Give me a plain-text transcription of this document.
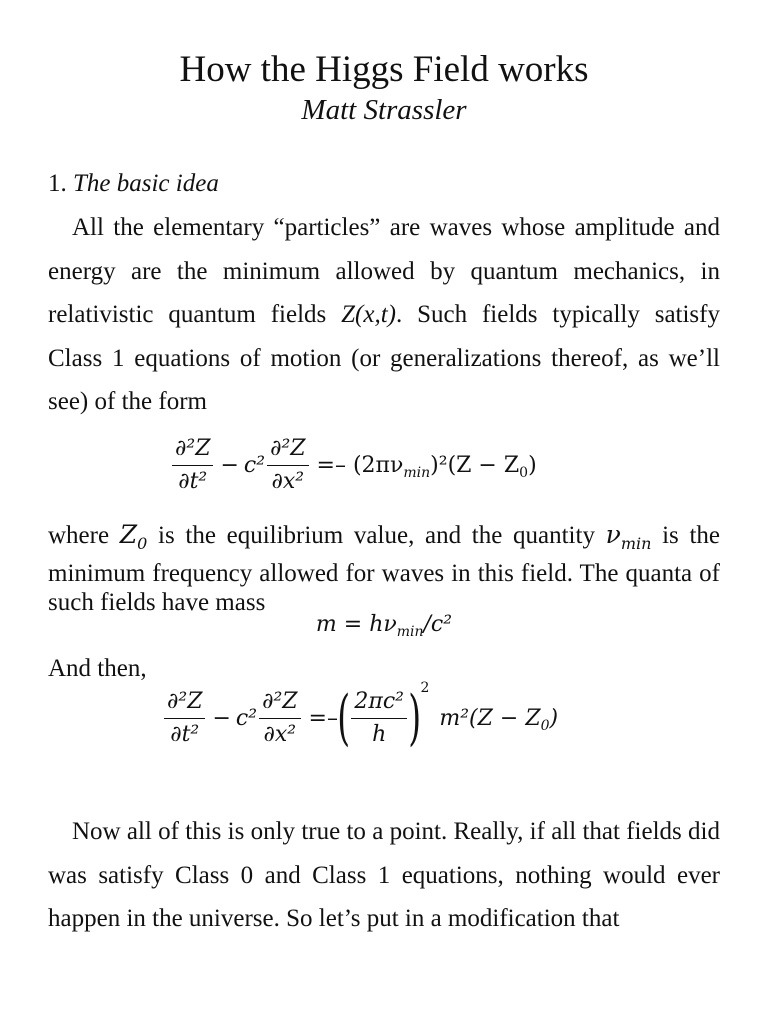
How the Higgs Field works
Matt Strassler
1. The basic idea
All the elementary “particles” are waves whose amplitude and energy are the minimum allowed by quantum mechanics, in relativistic quantum fields Z(x,t). Such fields typically satisfy Class 1 equations of motion (or generalizations thereof, as we’ll see) of the form
$\frac{\text{∂²Z}}{\text{∂t²}} - c^2 \frac{\text{∂²Z}}{\text{∂x²}} =- (2\pi\nu_{min})^2(Z - Z_0)$
where $Z_0$ is the equilibrium value, and the quantity $\nu_{min}$ is the minimum frequency allowed for waves in this field. The quanta of such fields have mass
$m = h\nu_{min}/c^2$
And then,
$\frac{\text{∂²Z}}{\text{∂t²}} - c^2 \frac{\text{∂²Z}}{\text{∂x²}}$ =– ( $\frac{\text{2πc²}}{h}$ ) 2
$m^2(Z - Z_0)$
Now all of this is only true to a point. Really, if all that fields did was satisfy Class 0 and Class 1 equations, nothing would ever happen in the universe. So let’s put in a modification that
